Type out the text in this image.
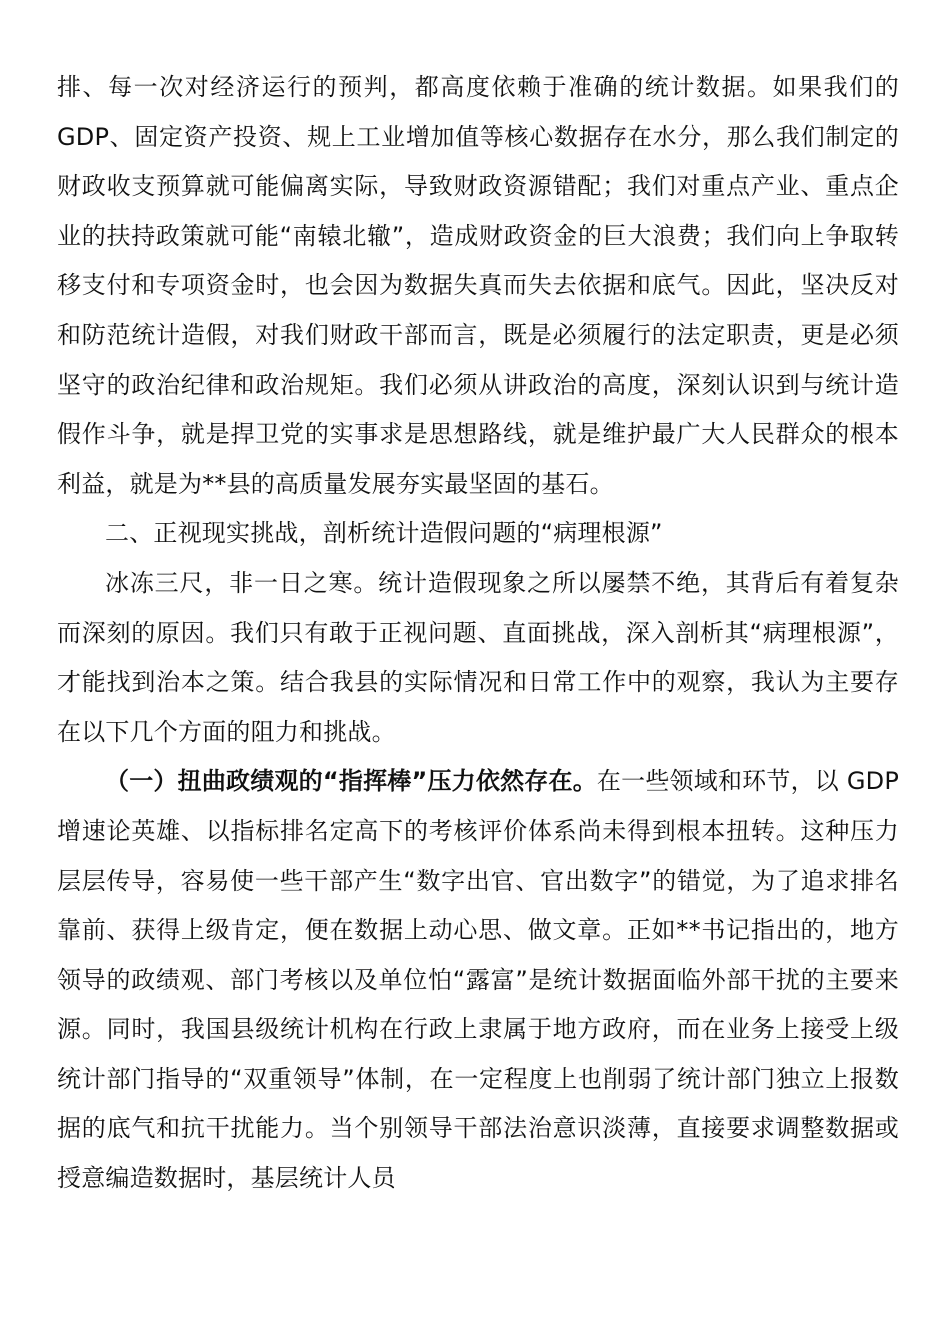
排、每一次对经济运行的预判，都高度依赖于准确的统计数据。如果我们的 GDP、固定资产投资、规上工业增加值等核心数据存在水分，那么我们制定的财政收支预算就可能偏离实际，导致财政资源错配；我们对重点产业、重点企业的扶持政策就可能“南辕北辙”，造成财政资金的巨大浪费；我们向上争取转移支付和专项资金时，也会因为数据失真而失去依据和底气。因此，坚决反对和防范统计造假，对我们财政干部而言，既是必须履行的法定职责，更是必须坚守的政治纪律和政治规矩。我们必须从讲政治的高度，深刻认识到与统计造假作斗争，就是捍卫党的实事求是思想路线，就是维护最广大人民群众的根本利益，就是为**县的高质量发展夯实最坚固的基石。

二、正视现实挑战，剖析统计造假问题的“病理根源”

冰冻三尺，非一日之寒。统计造假现象之所以屡禁不绝，其背后有着复杂而深刻的原因。我们只有敢于正视问题、直面挑战，深入剖析其“病理根源”，才能找到治本之策。结合我县的实际情况和日常工作中的观察，我认为主要存在以下几个方面的阻力和挑战。

（一）扭曲政绩观的“指挥棒”压力依然存在。在一些领域和环节，以 GDP 增速论英雄、以指标排名定高下的考核评价体系尚未得到根本扭转。这种压力层层传导，容易使一些干部产生“数字出官、官出数字”的错觉，为了追求排名靠前、获得上级肯定，便在数据上动心思、做文章。正如**书记指出的，地方领导的政绩观、部门考核以及单位怕“露富”是统计数据面临外部干扰的主要来源。同时，我国县级统计机构在行政上隶属于地方政府，而在业务上接受上级统计部门指导的“双重领导”体制，在一定程度上也削弱了统计部门独立上报数据的底气和抗干扰能力。当个别领导干部法治意识淡薄，直接要求调整数据或授意编造数据时，基层统计人员
